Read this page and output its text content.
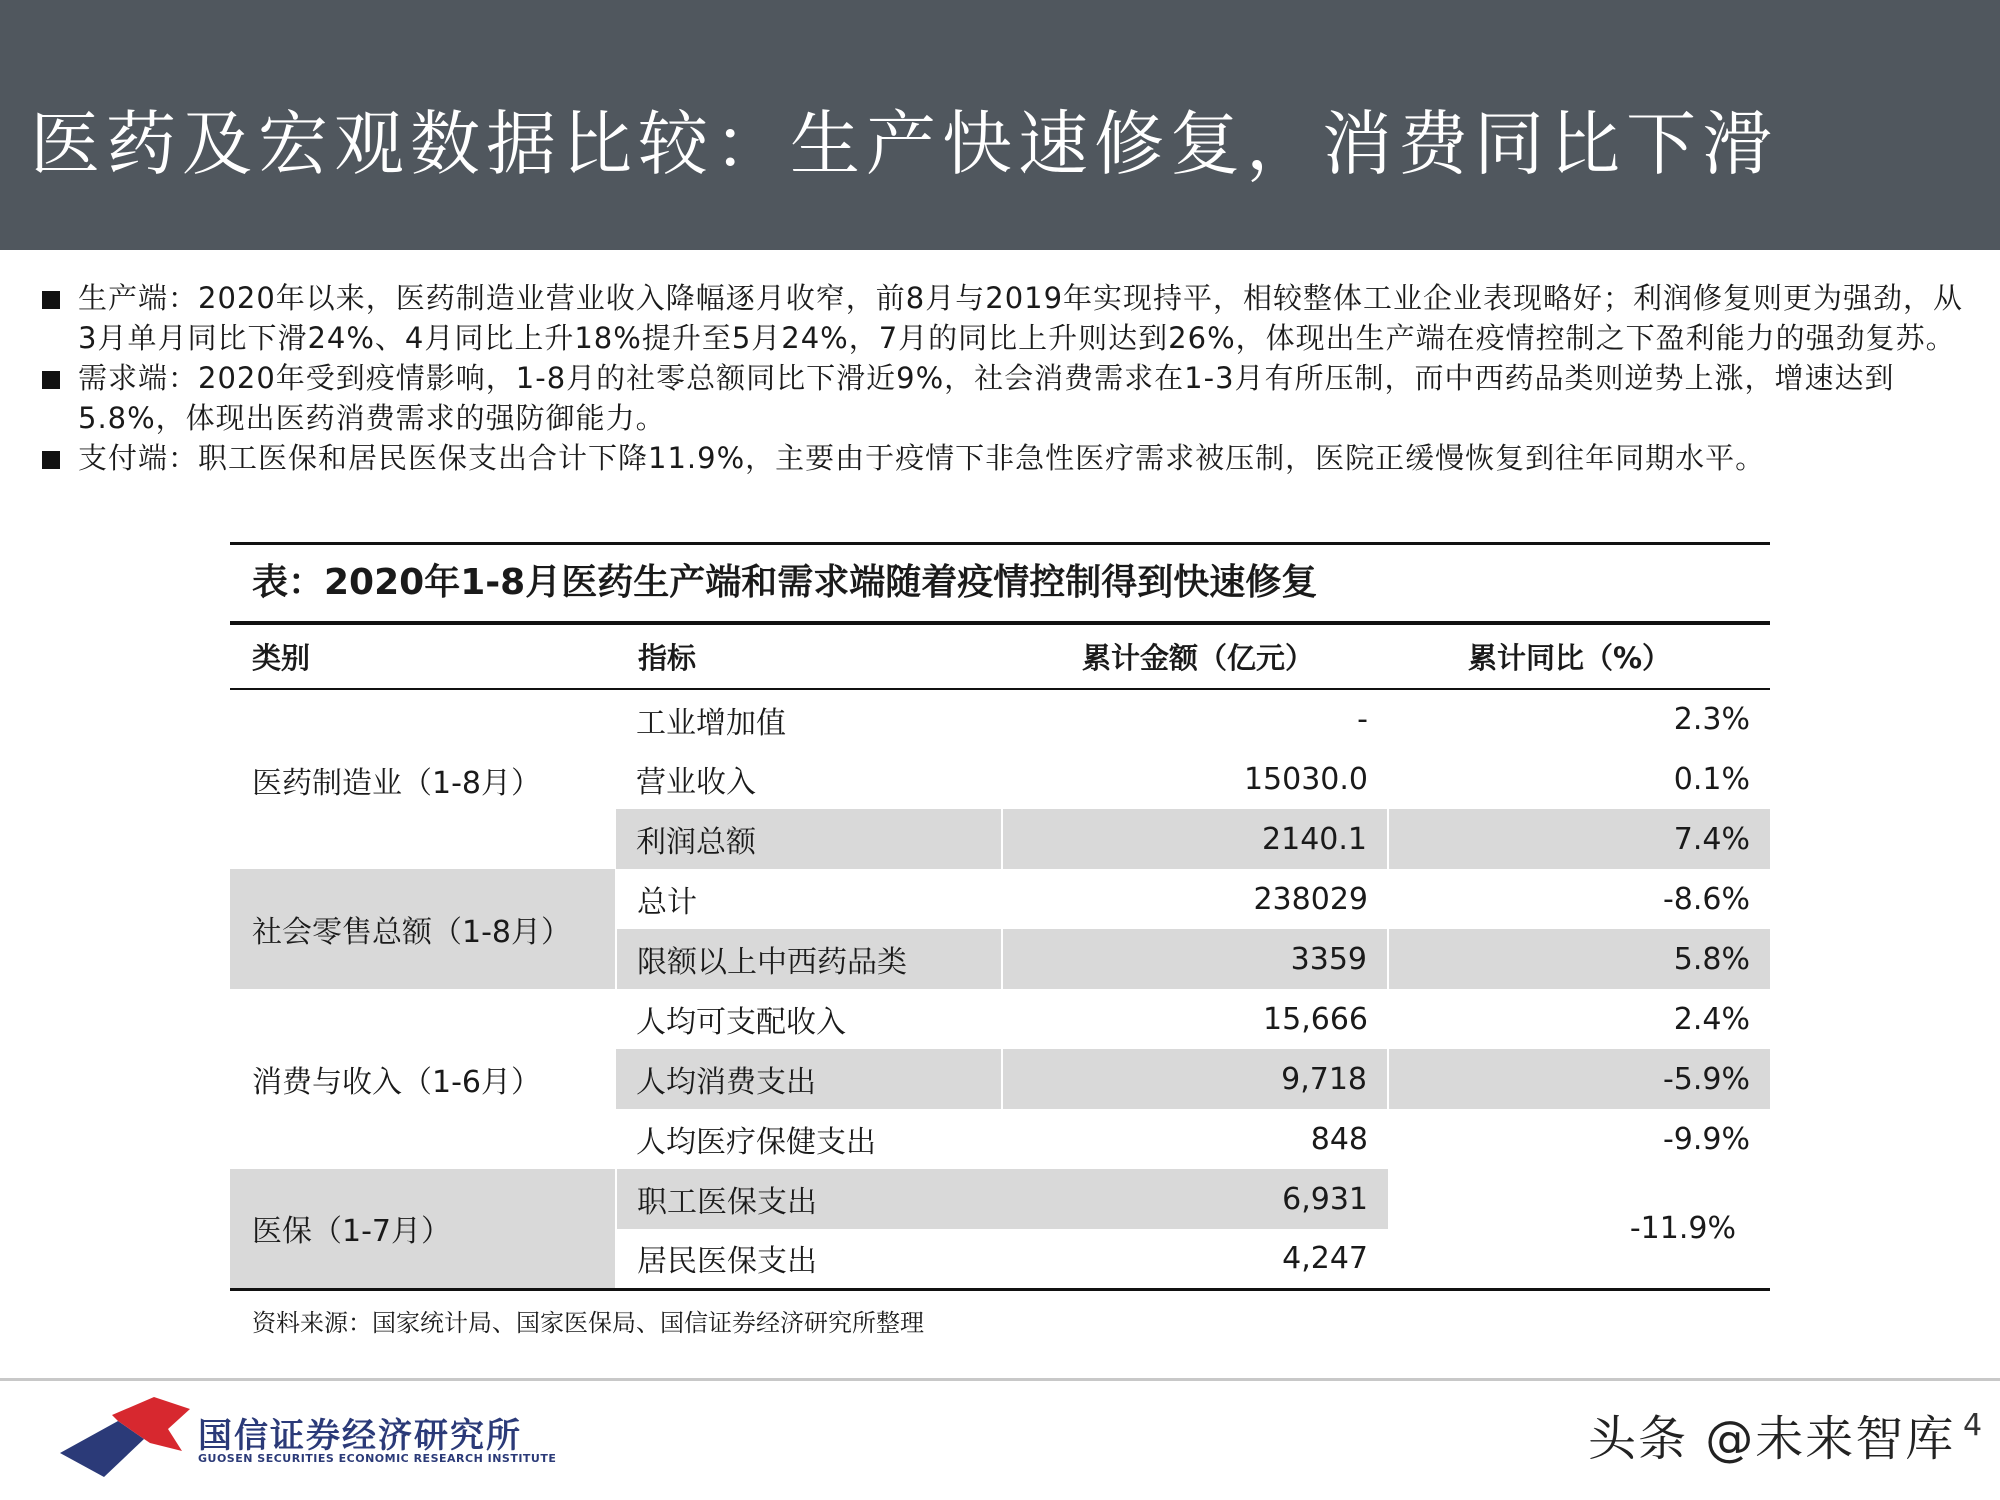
医药及宏观数据比较：生产快速修复，消费同比下滑
生产端：2020年以来，医药制造业营业收入降幅逐月收窄，前8月与2019年实现持平，相较整体工业企业表现略好；利润修复则更为强劲，从3月单月同比下滑24%、4月同比上升18%提升至5月24%，7月的同比上升则达到26%，体现出生产端在疫情控制之下盈利能力的强劲复苏。
需求端：2020年受到疫情影响，1-8月的社零总额同比下滑近9%，社会消费需求在1-3月有所压制，而中西药品类则逆势上涨，增速达到5.8%，体现出医药消费需求的强防御能力。
支付端：职工医保和居民医保支出合计下降11.9%，主要由于疫情下非急性医疗需求被压制，医院正缓慢恢复到往年同期水平。
表：2020年1-8月医药生产端和需求端随着疫情控制得到快速修复
类别	指标	累计金额（亿元）	累计同比（%）
医药制造业（1-8月）	工业增加值	-	2.3%
	营业收入	15030.0	0.1%
	利润总额	2140.1	7.4%
社会零售总额（1-8月）	总计	238029	-8.6%
	限额以上中西药品类	3359	5.8%
消费与收入（1-6月）	人均可支配收入	15,666	2.4%
	人均消费支出	9,718	-5.9%
	人均医疗保健支出	848	-9.9%
医保（1-7月）	职工医保支出	6,931	-11.9%
	居民医保支出	4,247	
资料来源：国家统计局、国家医保局、国信证券经济研究所整理
国信证券经济研究所
GUOSEN SECURITIES ECONOMIC RESEARCH INSTITUTE	头条 @未来智库 4
